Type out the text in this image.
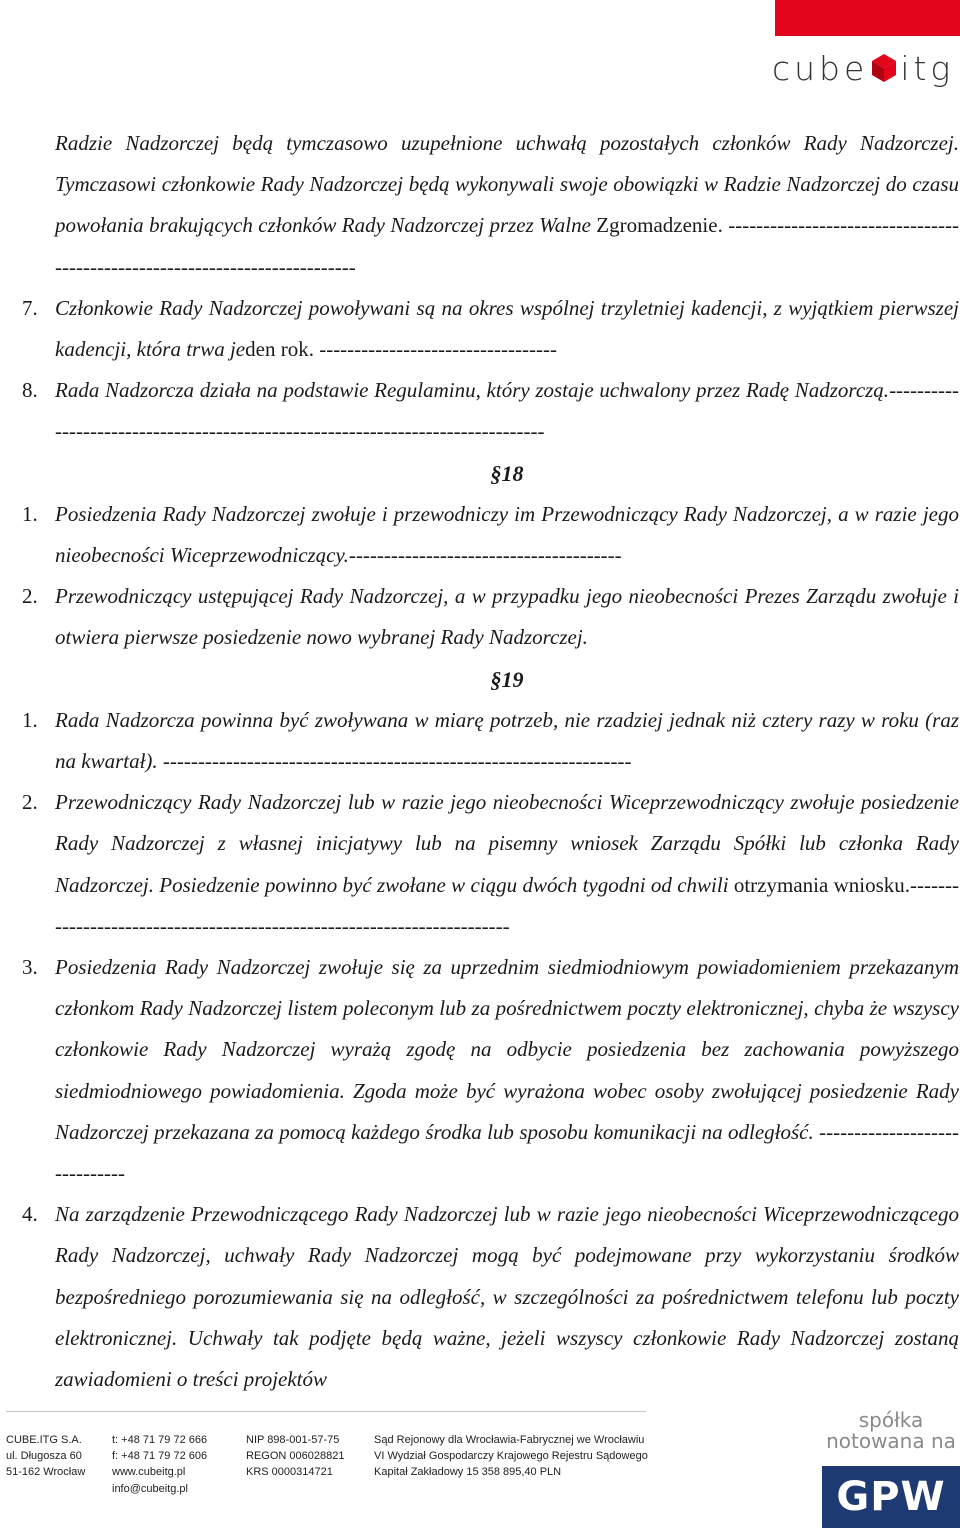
cube itg
Radzie Nadzorczej będą tymczasowo uzupełnione uchwałą pozostałych członków Rady Nadzorczej. Tymczasowi członkowie Rady Nadzorczej będą wykonywali swoje obowiązki w Radzie Nadzorczej do czasu powołania brakujących członków Rady Nadzorczej przez Walne Zgromadzenie. ----------------------------------------------------------------------------
7. Członkowie Rady Nadzorczej powoływani są na okres wspólnej trzyletniej kadencji, z wyjątkiem pierwszej kadencji, która trwa jeden rok. ----------------------------------
8. Rada Nadzorcza działa na podstawie Regulaminu, który zostaje uchwalony przez Radę Nadzorczą.--------------------------------------------------------------------------------
§18
1. Posiedzenia Rady Nadzorczej zwołuje i przewodniczy im Przewodniczący Rady Nadzorczej, a w razie jego nieobecności Wiceprzewodniczący.---------------------------------------
2. Przewodniczący ustępującej Rady Nadzorczej, a w przypadku jego nieobecności Prezes Zarządu zwołuje i otwiera pierwsze posiedzenie nowo wybranej Rady Nadzorczej.
§19
1. Rada Nadzorcza powinna być zwoływana w miarę potrzeb, nie rzadziej jednak niż cztery razy w roku (raz na kwartał). -------------------------------------------------------------------
2. Przewodniczący Rady Nadzorczej lub w razie jego nieobecności Wiceprzewodniczący zwołuje posiedzenie Rady Nadzorczej z własnej inicjatywy lub na pisemny wniosek Zarządu Spółki lub członka Rady Nadzorczej. Posiedzenie powinno być zwołane w ciągu dwóch tygodni od chwili otrzymania wniosku.------------------------------------------------------------------------
3. Posiedzenia Rady Nadzorczej zwołuje się za uprzednim siedmiodniowym powiadomieniem przekazanym członkom Rady Nadzorczej listem poleconym lub za pośrednictwem poczty elektronicznej, chyba że wszyscy członkowie Rady Nadzorczej wyrażą zgodę na odbycie posiedzenia bez zachowania powyższego siedmiodniowego powiadomienia. Zgoda może być wyrażona wobec osoby zwołującej posiedzenie Rady Nadzorczej przekazana za pomocą każdego środka lub sposobu komunikacji na odległość. ------------------------------
4. Na zarządzenie Przewodniczącego Rady Nadzorczej lub w razie jego nieobecności Wiceprzewodniczącego Rady Nadzorczej, uchwały Rady Nadzorczej mogą być podejmowane przy wykorzystaniu środków bezpośredniego porozumiewania się na odległość, w szczególności za pośrednictwem telefonu lub poczty elektronicznej. Uchwały tak podjęte będą ważne, jeżeli wszyscy członkowie Rady Nadzorczej zostaną zawiadomieni o treści projektów
CUBE.ITG S.A.
ul. Długosza 60
51-162 Wrocław
t: +48 71 79 72 666
f: +48 71 79 72 606
www.cubeitg.pl
info@cubeitg.pl
NIP 898-001-57-75
REGON 006028821
KRS 0000314721
Sąd Rejonowy dla Wrocławia-Fabrycznej we Wrocławiu
VI Wydział Gospodarczy Krajowego Rejestru Sądowego
Kapitał Zakładowy 15 358 895,40 PLN
spółka
notowana na
GPW
